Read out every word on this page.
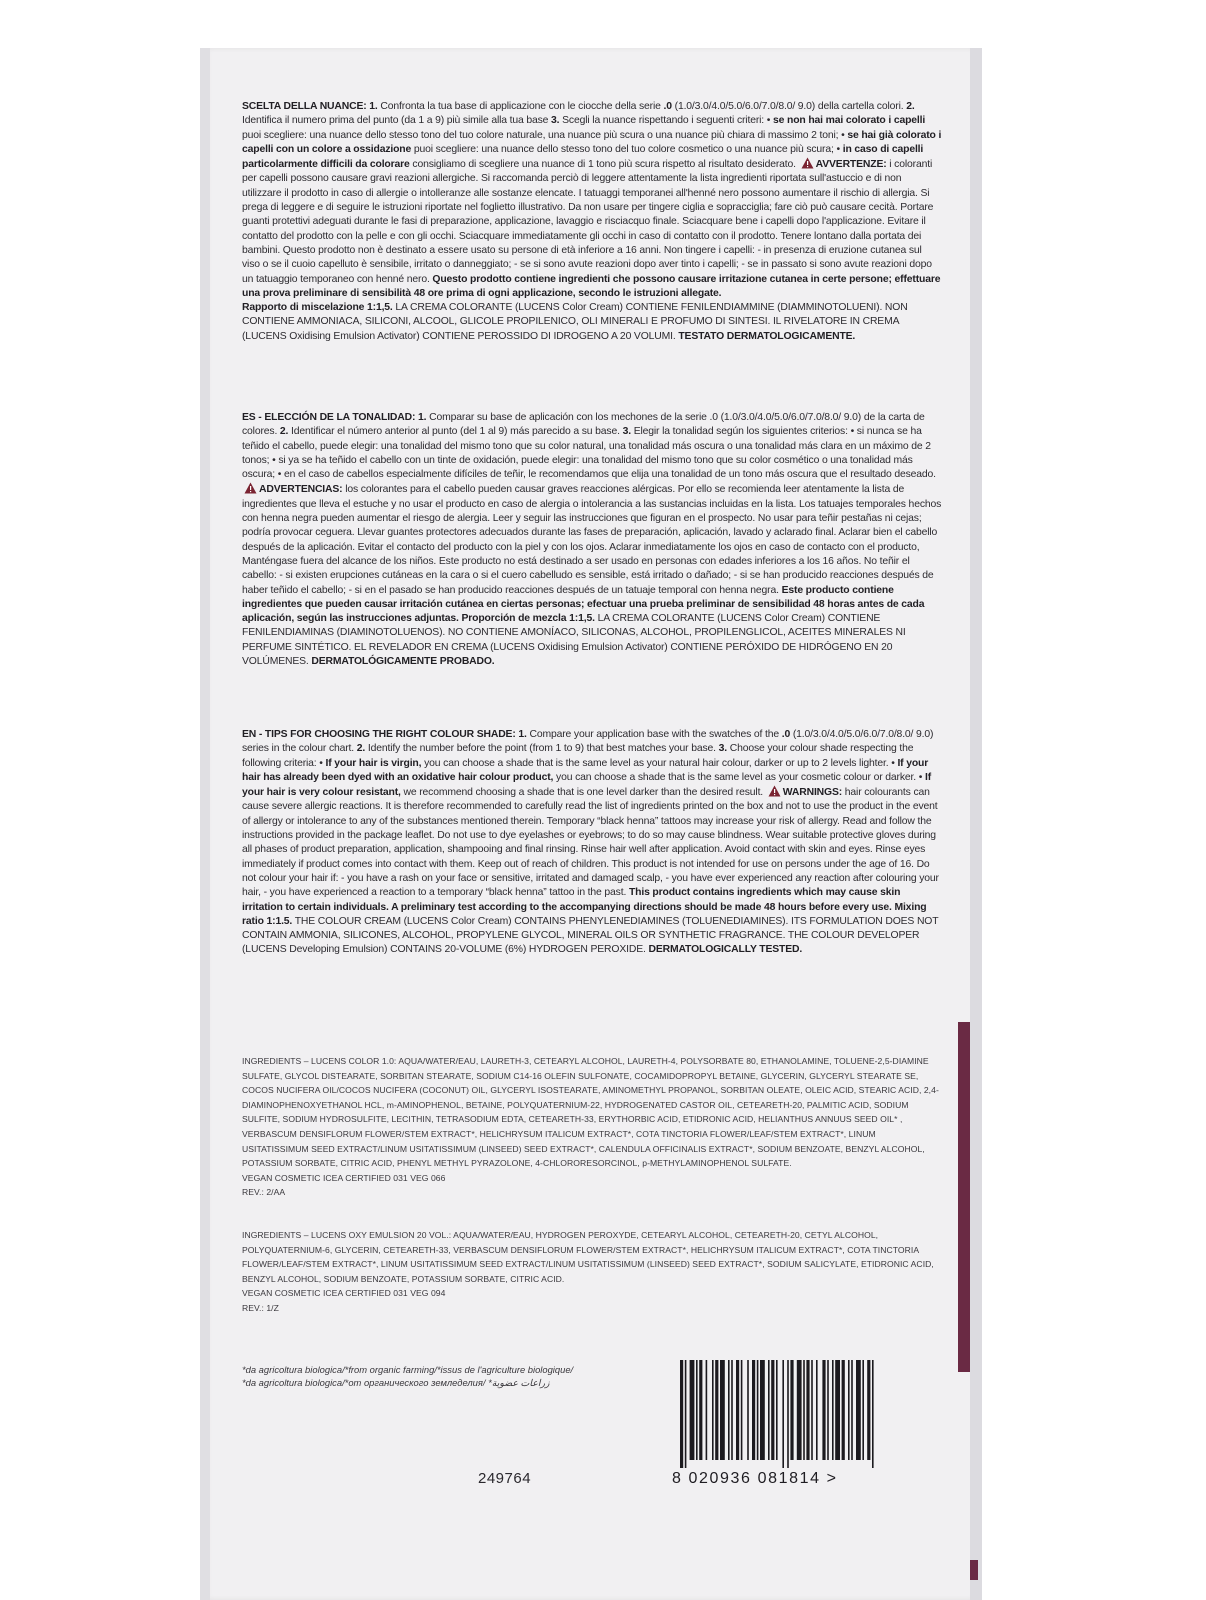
SCELTA DELLA NUANCE: 1. Confronta la tua base di applicazione con le ciocche della serie .0 (1.0/3.0/4.0/5.0/6.0/7.0/8.0/ 9.0) della cartella colori. 2. Identifica il numero prima del punto (da 1 a 9) più simile alla tua base 3. Scegli la nuance rispettando i seguenti criteri: • se non hai mai colorato i capelli puoi scegliere: una nuance dello stesso tono del tuo colore naturale, una nuance più scura o una nuance più chiara di massimo 2 toni; • se hai già colorato i capelli con un colore a ossidazione puoi scegliere: una nuance dello stesso tono del tuo colore cosmetico o una nuance più scura; • in caso di capelli particolarmente difficili da colorare consigliamo di scegliere una nuance di 1 tono più scura rispetto al risultato desiderato. AVVERTENZE: i coloranti per capelli possono causare gravi reazioni allergiche. Si raccomanda perciò di leggere attentamente la lista ingredienti riportata sull'astuccio e di non utilizzare il prodotto in caso di allergie o intolleranze alle sostanze elencate. I tatuaggi temporanei all'henné nero possono aumentare il rischio di allergia. Si prega di leggere e di seguire le istruzioni riportate nel foglietto illustrativo. Da non usare per tingere ciglia e sopracciglia; fare ciò può causare cecità. Portare guanti protettivi adeguati durante le fasi di preparazione, applicazione, lavaggio e risciacquo finale. Sciacquare bene i capelli dopo l'applicazione. Evitare il contatto del prodotto con la pelle e con gli occhi. Sciacquare immediatamente gli occhi in caso di contatto con il prodotto. Tenere lontano dalla portata dei bambini. Questo prodotto non è destinato a essere usato su persone di età inferiore a 16 anni. Non tingere i capelli: - in presenza di eruzione cutanea sul viso o se il cuoio capelluto è sensibile, irritato o danneggiato; - se si sono avute reazioni dopo aver tinto i capelli; - se in passato si sono avute reazioni dopo un tatuaggio temporaneo con henné nero. Questo prodotto contiene ingredienti che possono causare irritazione cutanea in certe persone; effettuare una prova preliminare di sensibilità 48 ore prima di ogni applicazione, secondo le istruzioni allegate.
Rapporto di miscelazione 1:1,5. LA CREMA COLORANTE (LUCENS Color Cream) CONTIENE FENILENDIAMMINE (DIAMMINOTOLUENI). NON CONTIENE AMMONIACA, SILICONI, ALCOOL, GLICOLE PROPILENICO, OLI MINERALI E PROFUMO DI SINTESI. IL RIVELATORE IN CREMA (LUCENS Oxidising Emulsion Activator) CONTIENE PEROSSIDO DI IDROGENO A 20 VOLUMI. TESTATO DERMATOLOGICAMENTE.
ES - ELECCIÓN DE LA TONALIDAD: 1. Comparar su base de aplicación con los mechones de la serie .0 (1.0/3.0/4.0/5.0/6.0/7.0/8.0/ 9.0) de la carta de colores. 2. Identificar el número anterior al punto (del 1 al 9) más parecido a su base. 3. Elegir la tonalidad según los siguientes criterios: • si nunca se ha teñido el cabello, puede elegir: una tonalidad del mismo tono que su color natural, una tonalidad más oscura o una tonalidad más clara en un máximo de 2 tonos; • si ya se ha teñido el cabello con un tinte de oxidación, puede elegir: una tonalidad del mismo tono que su color cosmético o una tonalidad más oscura; • en el caso de cabellos especialmente difíciles de teñir, le recomendamos que elija una tonalidad de un tono más oscura que el resultado deseado. ADVERTENCIAS: los colorantes para el cabello pueden causar graves reacciones alérgicas. Por ello se recomienda leer atentamente la lista de ingredientes que lleva el estuche y no usar el producto en caso de alergia o intolerancia a las sustancias incluidas en la lista. Los tatuajes temporales hechos con henna negra pueden aumentar el riesgo de alergia. Leer y seguir las instrucciones que figuran en el prospecto. No usar para teñir pestañas ni cejas; podría provocar ceguera. Llevar guantes protectores adecuados durante las fases de preparación, aplicación, lavado y aclarado final. Aclarar bien el cabello después de la aplicación. Evitar el contacto del producto con la piel y con los ojos. Aclarar inmediatamente los ojos en caso de contacto con el producto, Manténgase fuera del alcance de los niños. Este producto no está destinado a ser usado en personas con edades inferiores a los 16 años. No teñir el cabello: - si existen erupciones cutáneas en la cara o si el cuero cabelludo es sensible, está irritado o dañado; - si se han producido reacciones después de haber teñido el cabello; - si en el pasado se han producido reacciones después de un tatuaje temporal con henna negra. Este producto contiene ingredientes que pueden causar irritación cutánea en ciertas personas; efectuar una prueba preliminar de sensibilidad 48 horas antes de cada aplicación, según las instrucciones adjuntas. Proporción de mezcla 1:1,5. LA CREMA COLORANTE (LUCENS Color Cream) CONTIENE FENILENDIAMINAS (DIAMINOTOLUENOS). NO CONTIENE AMONÍACO, SILICONAS, ALCOHOL, PROPILENGLICOL, ACEITES MINERALES NI PERFUME SINTÉTICO. EL REVELADOR EN CREMA (LUCENS Oxidising Emulsion Activator) CONTIENE PERÓXIDO DE HIDRÓGENO EN 20 VOLÚMENES. DERMATOLÓGICAMENTE PROBADO.
EN - TIPS FOR CHOOSING THE RIGHT COLOUR SHADE: 1. Compare your application base with the swatches of the .0 (1.0/3.0/4.0/5.0/6.0/7.0/8.0/ 9.0) series in the colour chart. 2. Identify the number before the point (from 1 to 9) that best matches your base. 3. Choose your colour shade respecting the following criteria: • If your hair is virgin, you can choose a shade that is the same level as your natural hair colour, darker or up to 2 levels lighter. • If your hair has already been dyed with an oxidative hair colour product, you can choose a shade that is the same level as your cosmetic colour or darker. • If your hair is very colour resistant, we recommend choosing a shade that is one level darker than the desired result. WARNINGS: hair colourants can cause severe allergic reactions. It is therefore recommended to carefully read the list of ingredients printed on the box and not to use the product in the event of allergy or intolerance to any of the substances mentioned therein. Temporary “black henna” tattoos may increase your risk of allergy. Read and follow the instructions provided in the package leaflet. Do not use to dye eyelashes or eyebrows; to do so may cause blindness. Wear suitable protective gloves during all phases of product preparation, application, shampooing and final rinsing. Rinse hair well after application. Avoid contact with skin and eyes. Rinse eyes immediately if product comes into contact with them. Keep out of reach of children. This product is not intended for use on persons under the age of 16. Do not colour your hair if: - you have a rash on your face or sensitive, irritated and damaged scalp, - you have ever experienced any reaction after colouring your hair, - you have experienced a reaction to a temporary “black henna” tattoo in the past. This product contains ingredients which may cause skin irritation to certain individuals. A preliminary test according to the accompanying directions should be made 48 hours before every use. Mixing ratio 1:1.5. THE COLOUR CREAM (LUCENS Color Cream) CONTAINS PHENYLENEDIAMINES (TOLUENEDIAMINES). ITS FORMULATION DOES NOT CONTAIN AMMONIA, SILICONES, ALCOHOL, PROPYLENE GLYCOL, MINERAL OILS OR SYNTHETIC FRAGRANCE. THE COLOUR DEVELOPER (LUCENS Developing Emulsion) CONTAINS 20-VOLUME (6%) HYDROGEN PEROXIDE. DERMATOLOGICALLY TESTED.
INGREDIENTS – LUCENS COLOR 1.0: AQUA/WATER/EAU, LAURETH-3, CETEARYL ALCOHOL, LAURETH-4, POLYSORBATE 80, ETHANOLAMINE, TOLUENE-2,5-DIAMINE SULFATE, GLYCOL DISTEARATE, SORBITAN STEARATE, SODIUM C14-16 OLEFIN SULFONATE, COCAMIDOPROPYL BETAINE, GLYCERIN, GLYCERYL STEARATE SE, COCOS NUCIFERA OIL/COCOS NUCIFERA (COCONUT) OIL, GLYCERYL ISOSTEARATE, AMINOMETHYL PROPANOL, SORBITAN OLEATE, OLEIC ACID, STEARIC ACID, 2,4-DIAMINOPHENOXYETHANOL HCL, m-AMINOPHENOL, BETAINE, POLYQUATERNIUM-22, HYDROGENATED CASTOR OIL, CETEARETH-20, PALMITIC ACID, SODIUM SULFITE, SODIUM HYDROSULFITE, LECITHIN, TETRASODIUM EDTA, CETEARETH-33, ERYTHORBIC ACID, ETIDRONIC ACID, HELIANTHUS ANNUUS SEED OIL* , VERBASCUM DENSIFLORUM FLOWER/STEM EXTRACT*, HELICHRYSUM ITALICUM EXTRACT*, COTA TINCTORIA FLOWER/LEAF/STEM EXTRACT*, LINUM USITATISSIMUM SEED EXTRACT/LINUM USITATISSIMUM (LINSEED) SEED EXTRACT*, CALENDULA OFFICINALIS EXTRACT*, SODIUM BENZOATE, BENZYL ALCOHOL, POTASSIUM SORBATE, CITRIC ACID, PHENYL METHYL PYRAZOLONE, 4-CHLORORESORCINOL, p-METHYLAMINOPHENOL SULFATE.
VEGAN COSMETIC ICEA CERTIFIED 031 VEG 066
REV.: 2/AA
INGREDIENTS – LUCENS OXY EMULSION 20 VOL.: AQUA/WATER/EAU, HYDROGEN PEROXYDE, CETEARYL ALCOHOL, CETEARETH-20, CETYL ALCOHOL, POLYQUATERNIUM-6, GLYCERIN, CETEARETH-33, VERBASCUM DENSIFLORUM FLOWER/STEM EXTRACT*, HELICHRYSUM ITALICUM EXTRACT*, COTA TINCTORIA FLOWER/LEAF/STEM EXTRACT*, LINUM USITATISSIMUM SEED EXTRACT/LINUM USITATISSIMUM (LINSEED) SEED EXTRACT*, SODIUM SALICYLATE, ETIDRONIC ACID, BENZYL ALCOHOL, SODIUM BENZOATE, POTASSIUM SORBATE, CITRIC ACID.
VEGAN COSMETIC ICEA CERTIFIED 031 VEG 094
REV.: 1/Z
*da agricoltura biologica/*from organic farming/*issus de l'agriculture biologique/
*da agricoltura biologica/*от органического земледелия/ *زراعات عضوية
249764	8 020936 081814 >
